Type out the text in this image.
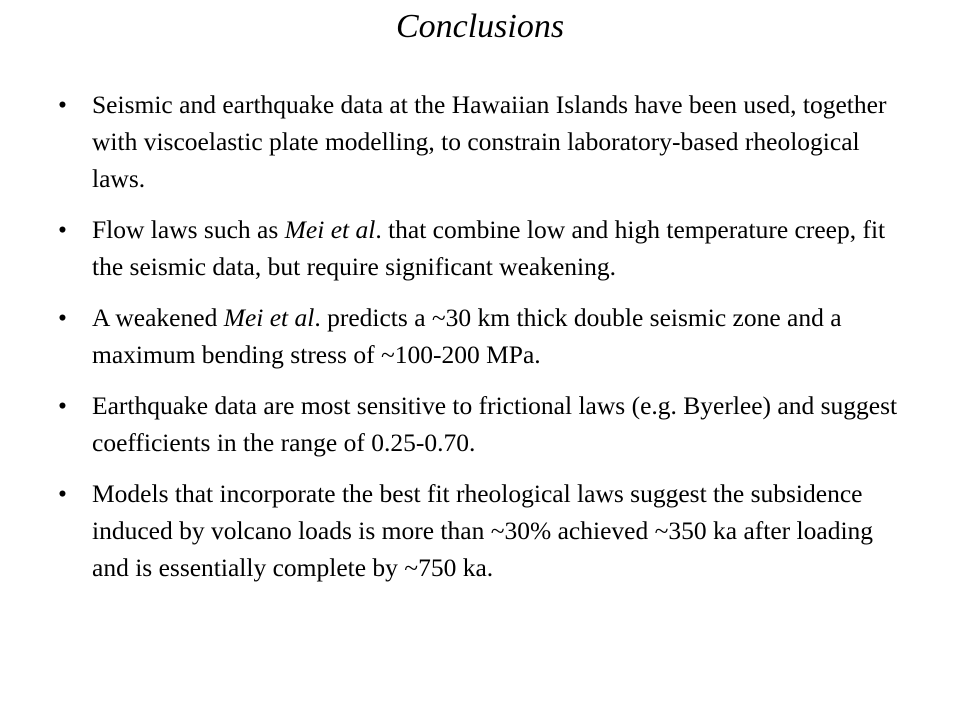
Conclusions
• Seismic and earthquake data at the Hawaiian Islands have been used, together with viscoelastic plate modelling, to constrain laboratory-based rheological laws.
• Flow laws such as Mei et al. that combine low and high temperature creep, fit the seismic data, but require significant weakening.
• A weakened Mei et al. predicts a ~30 km thick double seismic zone and a maximum bending stress of ~100-200 MPa.
• Earthquake data are most sensitive to frictional laws (e.g. Byerlee) and suggest coefficients in the range of 0.25-0.70.
• Models that incorporate the best fit rheological laws suggest the subsidence induced by volcano loads is more than ~30% achieved ~350 ka after loading and is essentially complete by ~750 ka.
